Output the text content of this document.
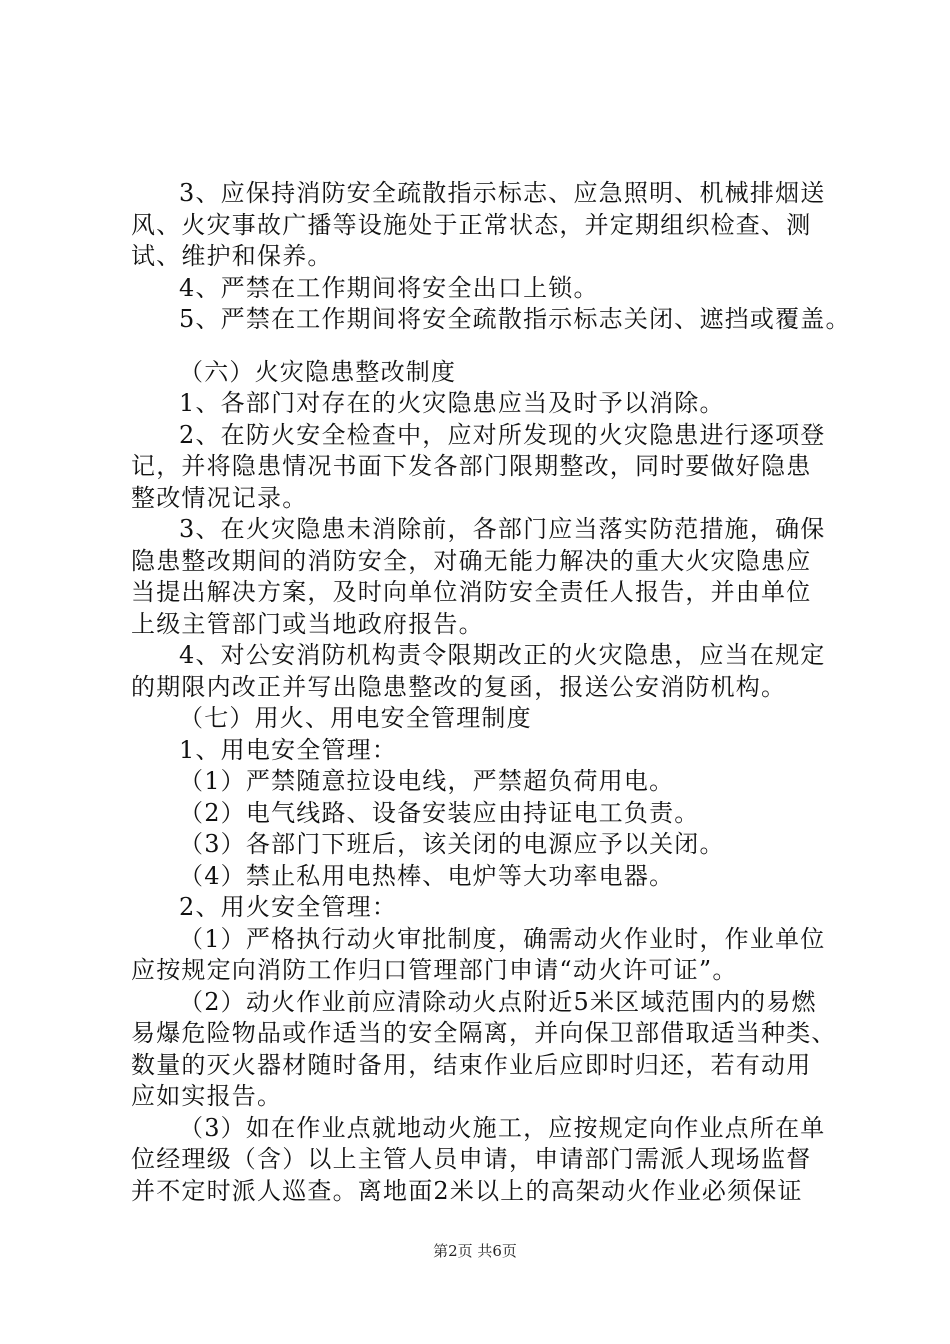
3、应保持消防安全疏散指示标志、应急照明、机械排烟送
风、火灾事故广播等设施处于正常状态，并定期组织检查、测
试、维护和保养。
4、严禁在工作期间将安全出口上锁。
5、严禁在工作期间将安全疏散指示标志关闭、遮挡或覆盖。
（六）火灾隐患整改制度
1、各部门对存在的火灾隐患应当及时予以消除。
2、在防火安全检查中，应对所发现的火灾隐患进行逐项登
记，并将隐患情况书面下发各部门限期整改，同时要做好隐患
整改情况记录。
3、在火灾隐患未消除前，各部门应当落实防范措施，确保
隐患整改期间的消防安全，对确无能力解决的重大火灾隐患应
当提出解决方案，及时向单位消防安全责任人报告，并由单位
上级主管部门或当地政府报告。
4、对公安消防机构责令限期改正的火灾隐患，应当在规定
的期限内改正并写出隐患整改的复函，报送公安消防机构。
（七）用火、用电安全管理制度
1、用电安全管理：
（1）严禁随意拉设电线，严禁超负荷用电。
（2）电气线路、设备安装应由持证电工负责。
（3）各部门下班后，该关闭的电源应予以关闭。
（4）禁止私用电热棒、电炉等大功率电器。
2、用火安全管理：
（1）严格执行动火审批制度，确需动火作业时，作业单位
应按规定向消防工作归口管理部门申请“动火许可证”。
（2）动火作业前应清除动火点附近5米区域范围内的易燃
易爆危险物品或作适当的安全隔离，并向保卫部借取适当种类、
数量的灭火器材随时备用，结束作业后应即时归还，若有动用
应如实报告。
（3）如在作业点就地动火施工，应按规定向作业点所在单
位经理级（含）以上主管人员申请，申请部门需派人现场监督
并不定时派人巡查。离地面2米以上的高架动火作业必须保证
第2页 共6页
